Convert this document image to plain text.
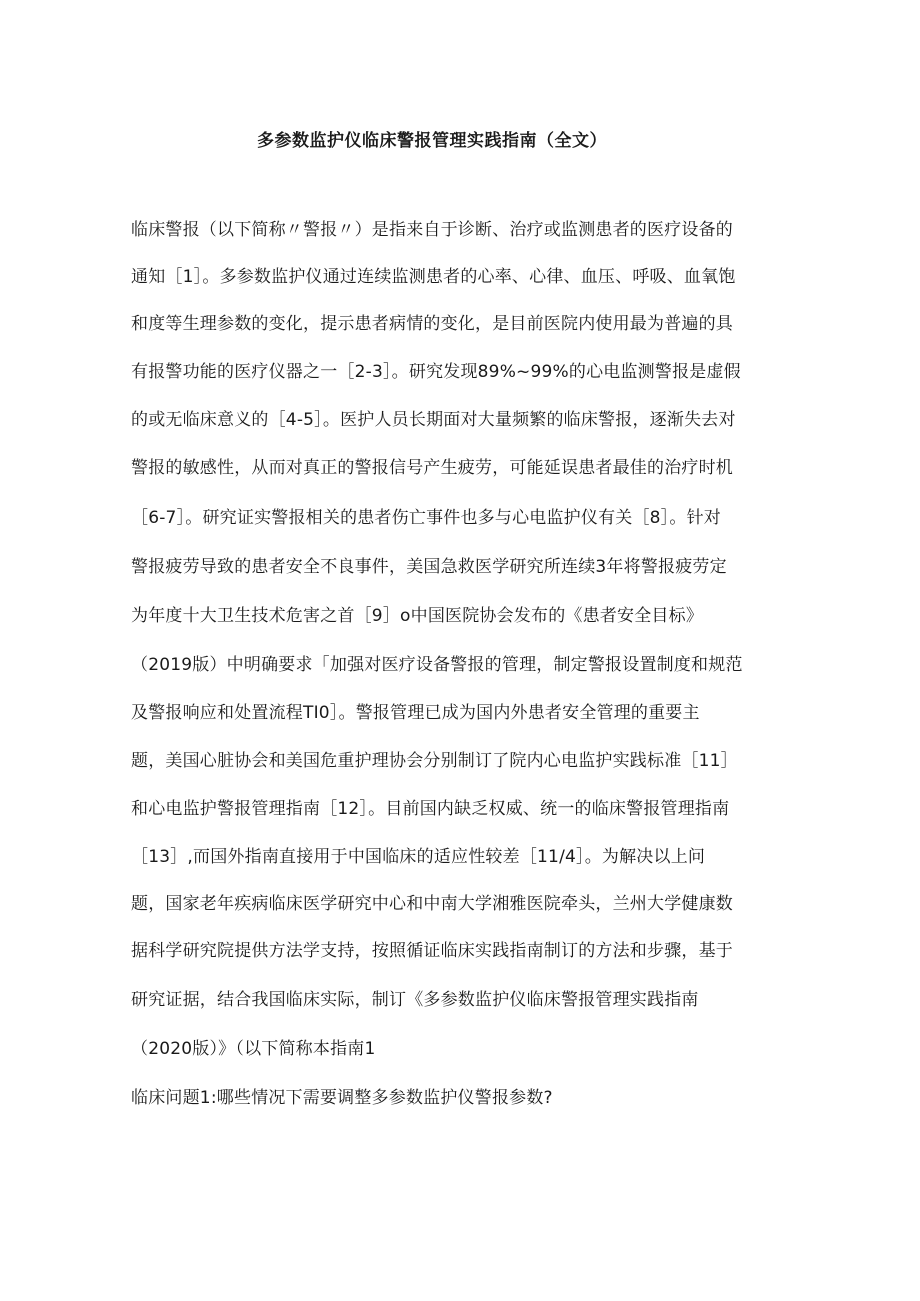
多参数监护仪临床警报管理实践指南（全文）
临床警报（以下简称〃警报〃）是指来自于诊断、治疗或监测患者的医疗设备的
通知［1］。多参数监护仪通过连续监测患者的心率、心律、血压、呼吸、血氧饱
和度等生理参数的变化，提示患者病情的变化，是目前医院内使用最为普遍的具
有报警功能的医疗仪器之一［2-3］。研究发现89%~99%的心电监测警报是虚假
的或无临床意义的［4-5］。医护人员长期面对大量频繁的临床警报，逐渐失去对
警报的敏感性，从而对真正的警报信号产生疲劳，可能延误患者最佳的治疗时机
［6-7］。研究证实警报相关的患者伤亡事件也多与心电监护仪有关［8］。针对
警报疲劳导致的患者安全不良事件，美国急救医学研究所连续3年将警报疲劳定
为年度十大卫生技术危害之首［9］o中国医院协会发布的《患者安全目标》
（2019版）中明确要求「加强对医疗设备警报的管理，制定警报设置制度和规范
及警报响应和处置流程TI0］。警报管理已成为国内外患者安全管理的重要主
题，美国心脏协会和美国危重护理协会分别制订了院内心电监护实践标准［11］
和心电监护警报管理指南［12］。目前国内缺乏权威、统一的临床警报管理指南
［13］,而国外指南直接用于中国临床的适应性较差［11/4］。为解决以上问
题，国家老年疾病临床医学研究中心和中南大学湘雅医院牵头，兰州大学健康数
据科学研究院提供方法学支持，按照循证临床实践指南制订的方法和步骤，基于
研究证据，结合我国临床实际，制订《多参数监护仪临床警报管理实践指南
（2020版）》（以下简称本指南1
临床问题1:哪些情况下需要调整多参数监护仪警报参数?
